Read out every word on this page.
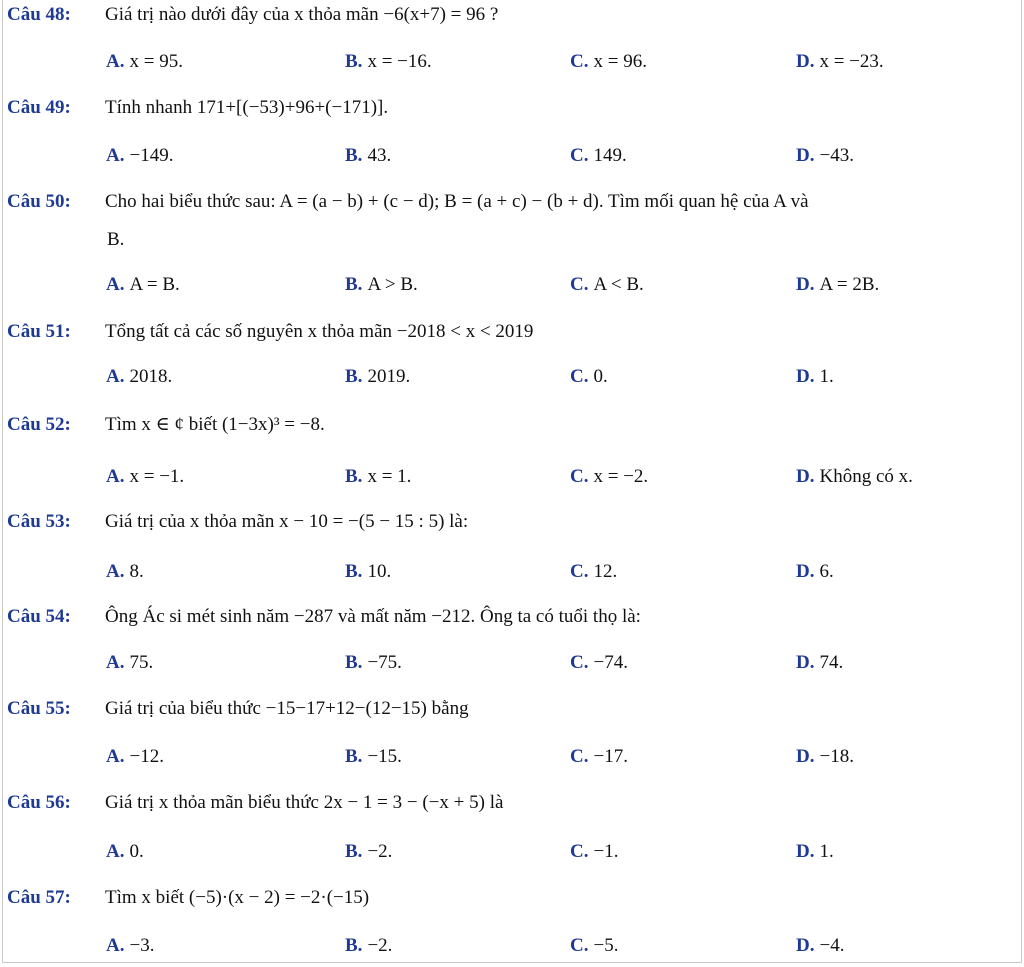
Câu 48: Giá trị nào dưới đây của x thỏa mãn −6(x+7) = 96 ?
A. x = 95.	B. x = −16.	C. x = 96.	D. x = −23.
Câu 49: Tính nhanh 171+[(−53)+96+(−171)].
A. −149.	B. 43.	C. 149.	D. −43.
Câu 50: Cho hai biểu thức sau: A = (a − b) + (c − d); B = (a + c) − (b + d). Tìm mối quan hệ của A và
B.
A. A = B.	B. A > B.	C. A < B.	D. A = 2B.
Câu 51: Tổng tất cả các số nguyên x thỏa mãn −2018 < x < 2019
A. 2018.	B. 2019.	C. 0.	D. 1.
Câu 52: Tìm x ∈ ¢ biết (1−3x)³ = −8.
A. x = −1.	B. x = 1.	C. x = −2.	D. Không có x.
Câu 53: Giá trị của x thỏa mãn x − 10 = −(5 − 15 : 5) là:
A. 8.	B. 10.	C. 12.	D. 6.
Câu 54: Ông Ác si mét sinh năm −287 và mất năm −212. Ông ta có tuổi thọ là:
A. 75.	B. −75.	C. −74.	D. 74.
Câu 55: Giá trị của biểu thức −15−17+12−(12−15) bằng
A. −12.	B. −15.	C. −17.	D. −18.
Câu 56: Giá trị x thỏa mãn biểu thức 2x − 1 = 3 − (−x + 5) là
A. 0.	B. −2.	C. −1.	D. 1.
Câu 57: Tìm x biết (−5)·(x − 2) = −2·(−15)
A. −3.	B. −2.	C. −5.	D. −4.
